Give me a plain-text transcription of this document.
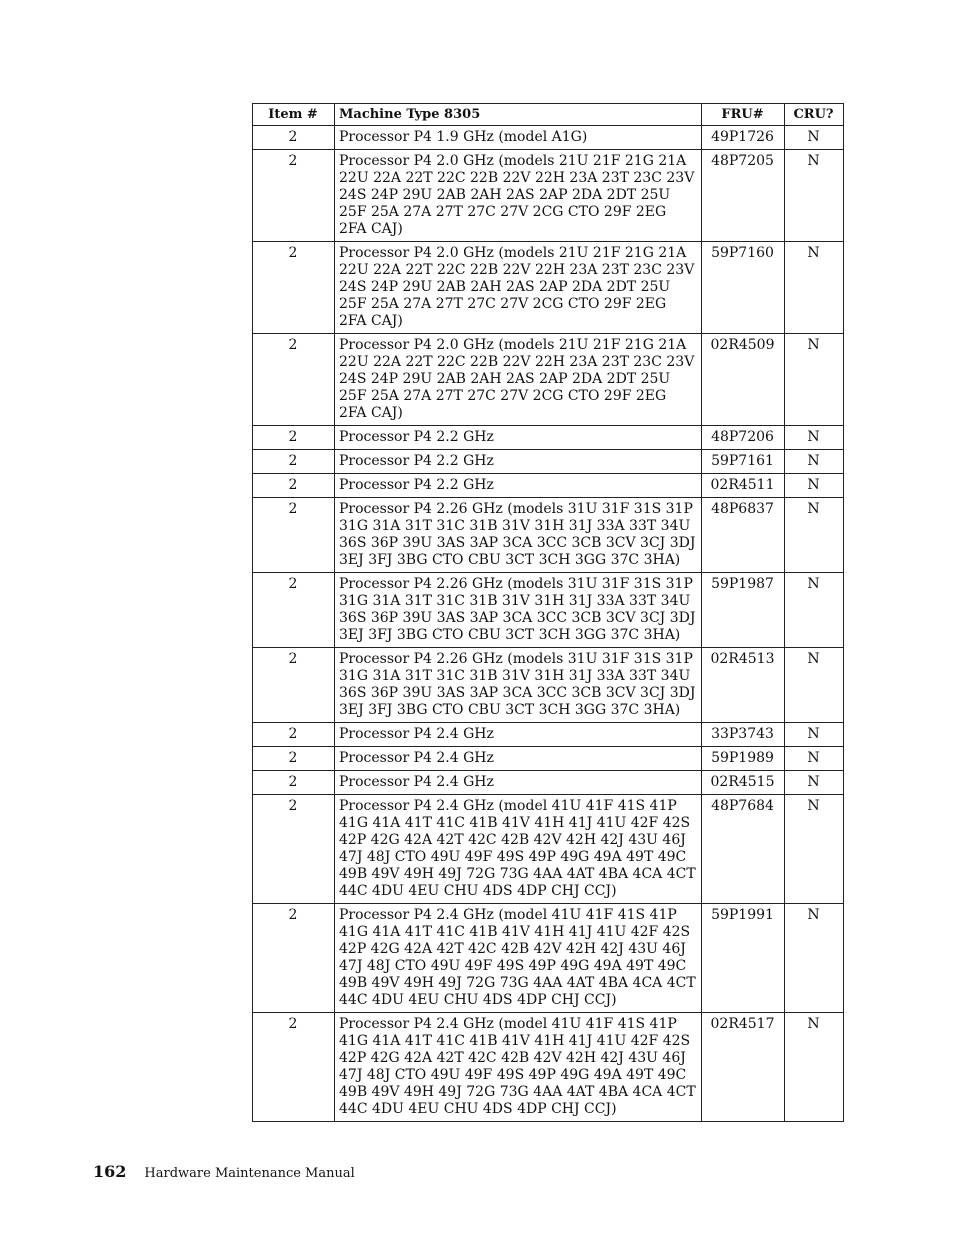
Item #	Machine Type 8305	FRU#	CRU?
2	Processor P4 1.9 GHz (model A1G)	49P1726	N
2	Processor P4 2.0 GHz (models 21U 21F 21G 21A 22U 22A 22T 22C 22B 22V 22H 23A 23T 23C 23V 24S 24P 29U 2AB 2AH 2AS 2AP 2DA 2DT 25U 25F 25A 27A 27T 27C 27V 2CG CTO 29F 2EG 2FA CAJ)	48P7205	N
2	Processor P4 2.0 GHz (models 21U 21F 21G 21A 22U 22A 22T 22C 22B 22V 22H 23A 23T 23C 23V 24S 24P 29U 2AB 2AH 2AS 2AP 2DA 2DT 25U 25F 25A 27A 27T 27C 27V 2CG CTO 29F 2EG 2FA CAJ)	59P7160	N
2	Processor P4 2.0 GHz (models 21U 21F 21G 21A 22U 22A 22T 22C 22B 22V 22H 23A 23T 23C 23V 24S 24P 29U 2AB 2AH 2AS 2AP 2DA 2DT 25U 25F 25A 27A 27T 27C 27V 2CG CTO 29F 2EG 2FA CAJ)	02R4509	N
2	Processor P4 2.2 GHz	48P7206	N
2	Processor P4 2.2 GHz	59P7161	N
2	Processor P4 2.2 GHz	02R4511	N
2	Processor P4 2.26 GHz (models 31U 31F 31S 31P 31G 31A 31T 31C 31B 31V 31H 31J 33A 33T 34U 36S 36P 39U 3AS 3AP 3CA 3CC 3CB 3CV 3CJ 3DJ 3EJ 3FJ 3BG CTO CBU 3CT 3CH 3GG 37C 3HA)	48P6837	N
2	Processor P4 2.26 GHz (models 31U 31F 31S 31P 31G 31A 31T 31C 31B 31V 31H 31J 33A 33T 34U 36S 36P 39U 3AS 3AP 3CA 3CC 3CB 3CV 3CJ 3DJ 3EJ 3FJ 3BG CTO CBU 3CT 3CH 3GG 37C 3HA)	59P1987	N
2	Processor P4 2.26 GHz (models 31U 31F 31S 31P 31G 31A 31T 31C 31B 31V 31H 31J 33A 33T 34U 36S 36P 39U 3AS 3AP 3CA 3CC 3CB 3CV 3CJ 3DJ 3EJ 3FJ 3BG CTO CBU 3CT 3CH 3GG 37C 3HA)	02R4513	N
2	Processor P4 2.4 GHz	33P3743	N
2	Processor P4 2.4 GHz	59P1989	N
2	Processor P4 2.4 GHz	02R4515	N
2	Processor P4 2.4 GHz (model 41U 41F 41S 41P 41G 41A 41T 41C 41B 41V 41H 41J 41U 42F 42S 42P 42G 42A 42T 42C 42B 42V 42H 42J 43U 46J 47J 48J CTO 49U 49F 49S 49P 49G 49A 49T 49C 49B 49V 49H 49J 72G 73G 4AA 4AT 4BA 4CA 4CT 44C 4DU 4EU CHU 4DS 4DP CHJ CCJ)	48P7684	N
2	Processor P4 2.4 GHz (model 41U 41F 41S 41P 41G 41A 41T 41C 41B 41V 41H 41J 41U 42F 42S 42P 42G 42A 42T 42C 42B 42V 42H 42J 43U 46J 47J 48J CTO 49U 49F 49S 49P 49G 49A 49T 49C 49B 49V 49H 49J 72G 73G 4AA 4AT 4BA 4CA 4CT 44C 4DU 4EU CHU 4DS 4DP CHJ CCJ)	59P1991	N
2	Processor P4 2.4 GHz (model 41U 41F 41S 41P 41G 41A 41T 41C 41B 41V 41H 41J 41U 42F 42S 42P 42G 42A 42T 42C 42B 42V 42H 42J 43U 46J 47J 48J CTO 49U 49F 49S 49P 49G 49A 49T 49C 49B 49V 49H 49J 72G 73G 4AA 4AT 4BA 4CA 4CT 44C 4DU 4EU CHU 4DS 4DP CHJ CCJ)	02R4517	N
162 Hardware Maintenance Manual
